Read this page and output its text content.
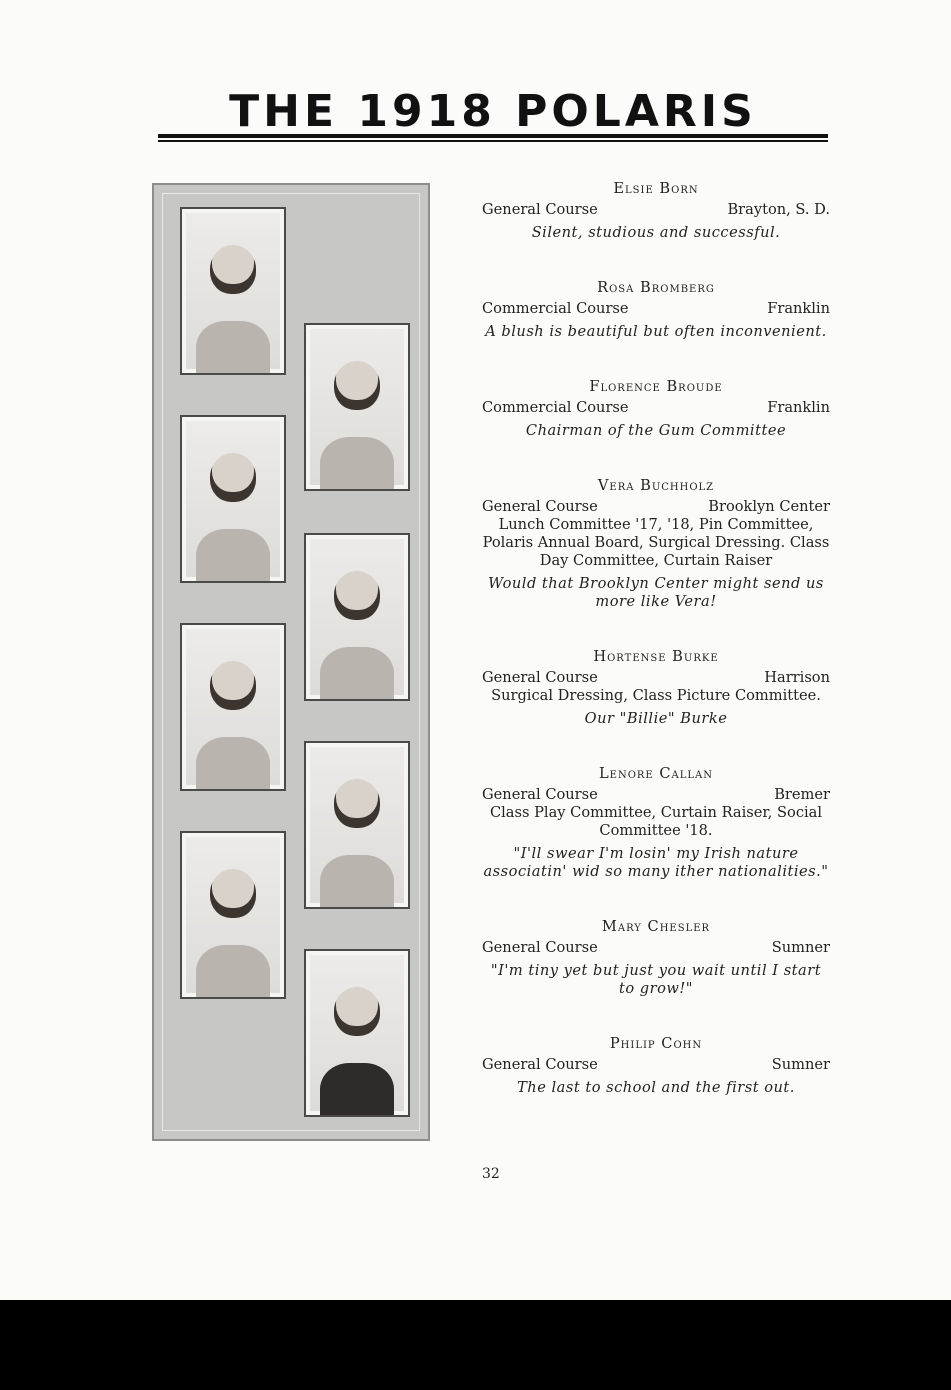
THE 1918 POLARIS
Elsie Born
General Course	Brayton, S. D.
Silent, studious and successful.
Rosa Bromberg
Commercial Course	Franklin
A blush is beautiful but often inconvenient.
Florence Broude
Commercial Course	Franklin
Chairman of the Gum Committee
Vera Buchholz
General Course	Brooklyn Center
Lunch Committee '17, '18, Pin Committee, Polaris Annual Board, Surgical Dressing. Class Day Committee, Curtain Raiser
Would that Brooklyn Center might send us more like Vera!
Hortense Burke
General Course	Harrison
Surgical Dressing, Class Picture Committee.
Our "Billie" Burke
Lenore Callan
General Course	Bremer
Class Play Committee, Curtain Raiser, Social Committee '18.
"I'll swear I'm losin' my Irish nature associatin' wid so many ither nationalities."
Mary Chesler
General Course	Sumner
"I'm tiny yet but just you wait until I start to grow!"
Philip Cohn
General Course	Sumner
The last to school and the first out.
32
